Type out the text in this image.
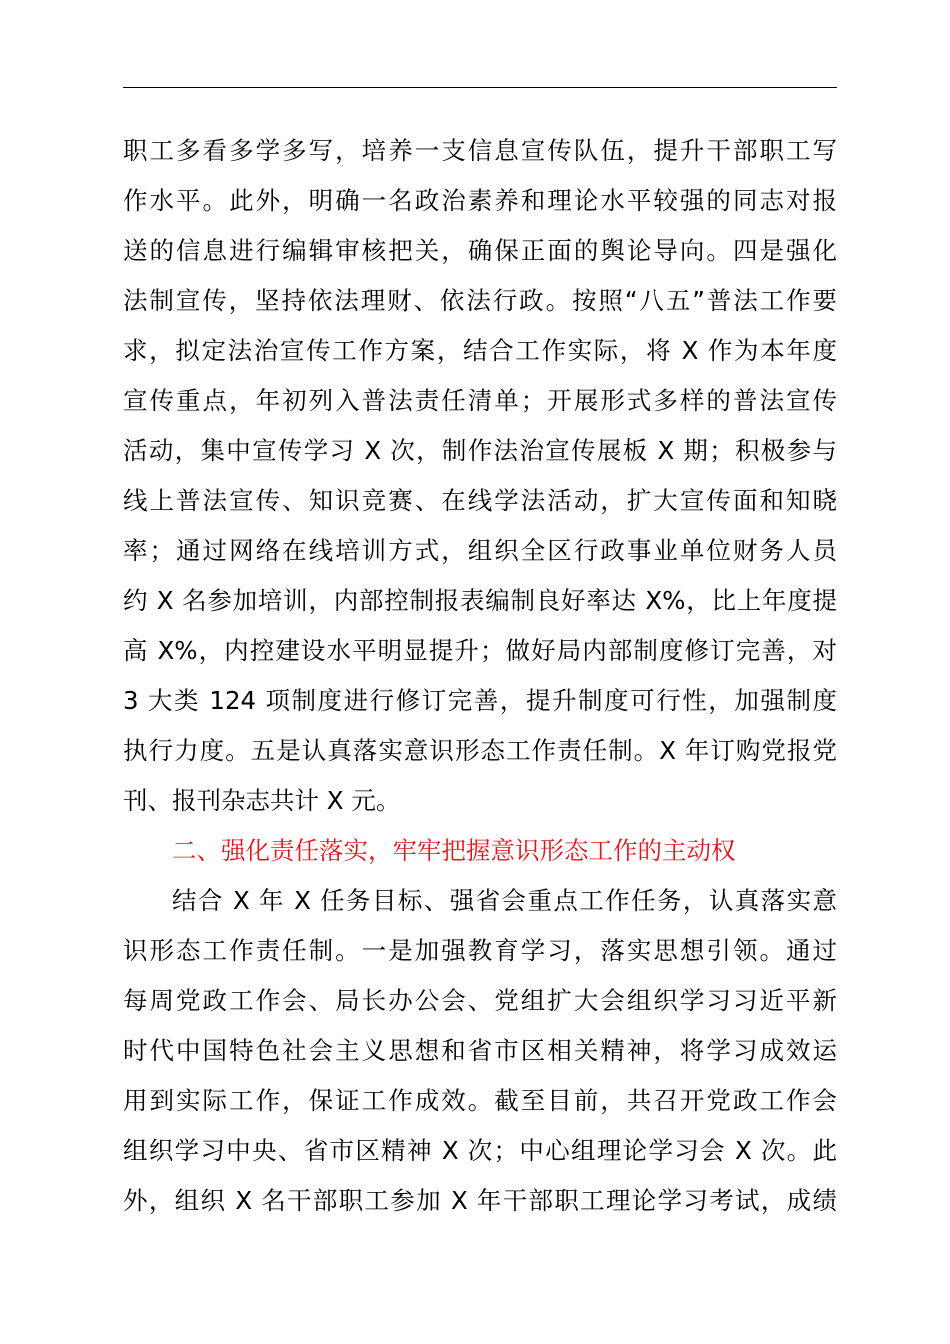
职工多看多学多写，培养一支信息宣传队伍，提升干部职工写
作水平。此外，明确一名政治素养和理论水平较强的同志对报
送的信息进行编辑审核把关，确保正面的舆论导向。四是强化
法制宣传，坚持依法理财、依法行政。按照“八五”普法工作要
求，拟定法治宣传工作方案，结合工作实际，将 X 作为本年度
宣传重点，年初列入普法责任清单；开展形式多样的普法宣传
活动，集中宣传学习 X 次，制作法治宣传展板 X 期；积极参与
线上普法宣传、知识竞赛、在线学法活动，扩大宣传面和知晓
率；通过网络在线培训方式，组织全区行政事业单位财务人员
约 X 名参加培训，内部控制报表编制良好率达 X%，比上年度提
高 X%，内控建设水平明显提升；做好局内部制度修订完善，对
3 大类 124 项制度进行修订完善，提升制度可行性，加强制度
执行力度。五是认真落实意识形态工作责任制。X 年订购党报党
刊、报刊杂志共计 X 元。
二、强化责任落实，牢牢把握意识形态工作的主动权
结合 X 年 X 任务目标、强省会重点工作任务，认真落实意
识形态工作责任制。一是加强教育学习，落实思想引领。通过
每周党政工作会、局长办公会、党组扩大会组织学习习近平新
时代中国特色社会主义思想和省市区相关精神，将学习成效运
用到实际工作，保证工作成效。截至目前，共召开党政工作会
组织学习中央、省市区精神 X 次；中心组理论学习会 X 次。此
外，组织 X 名干部职工参加 X 年干部职工理论学习考试，成绩
